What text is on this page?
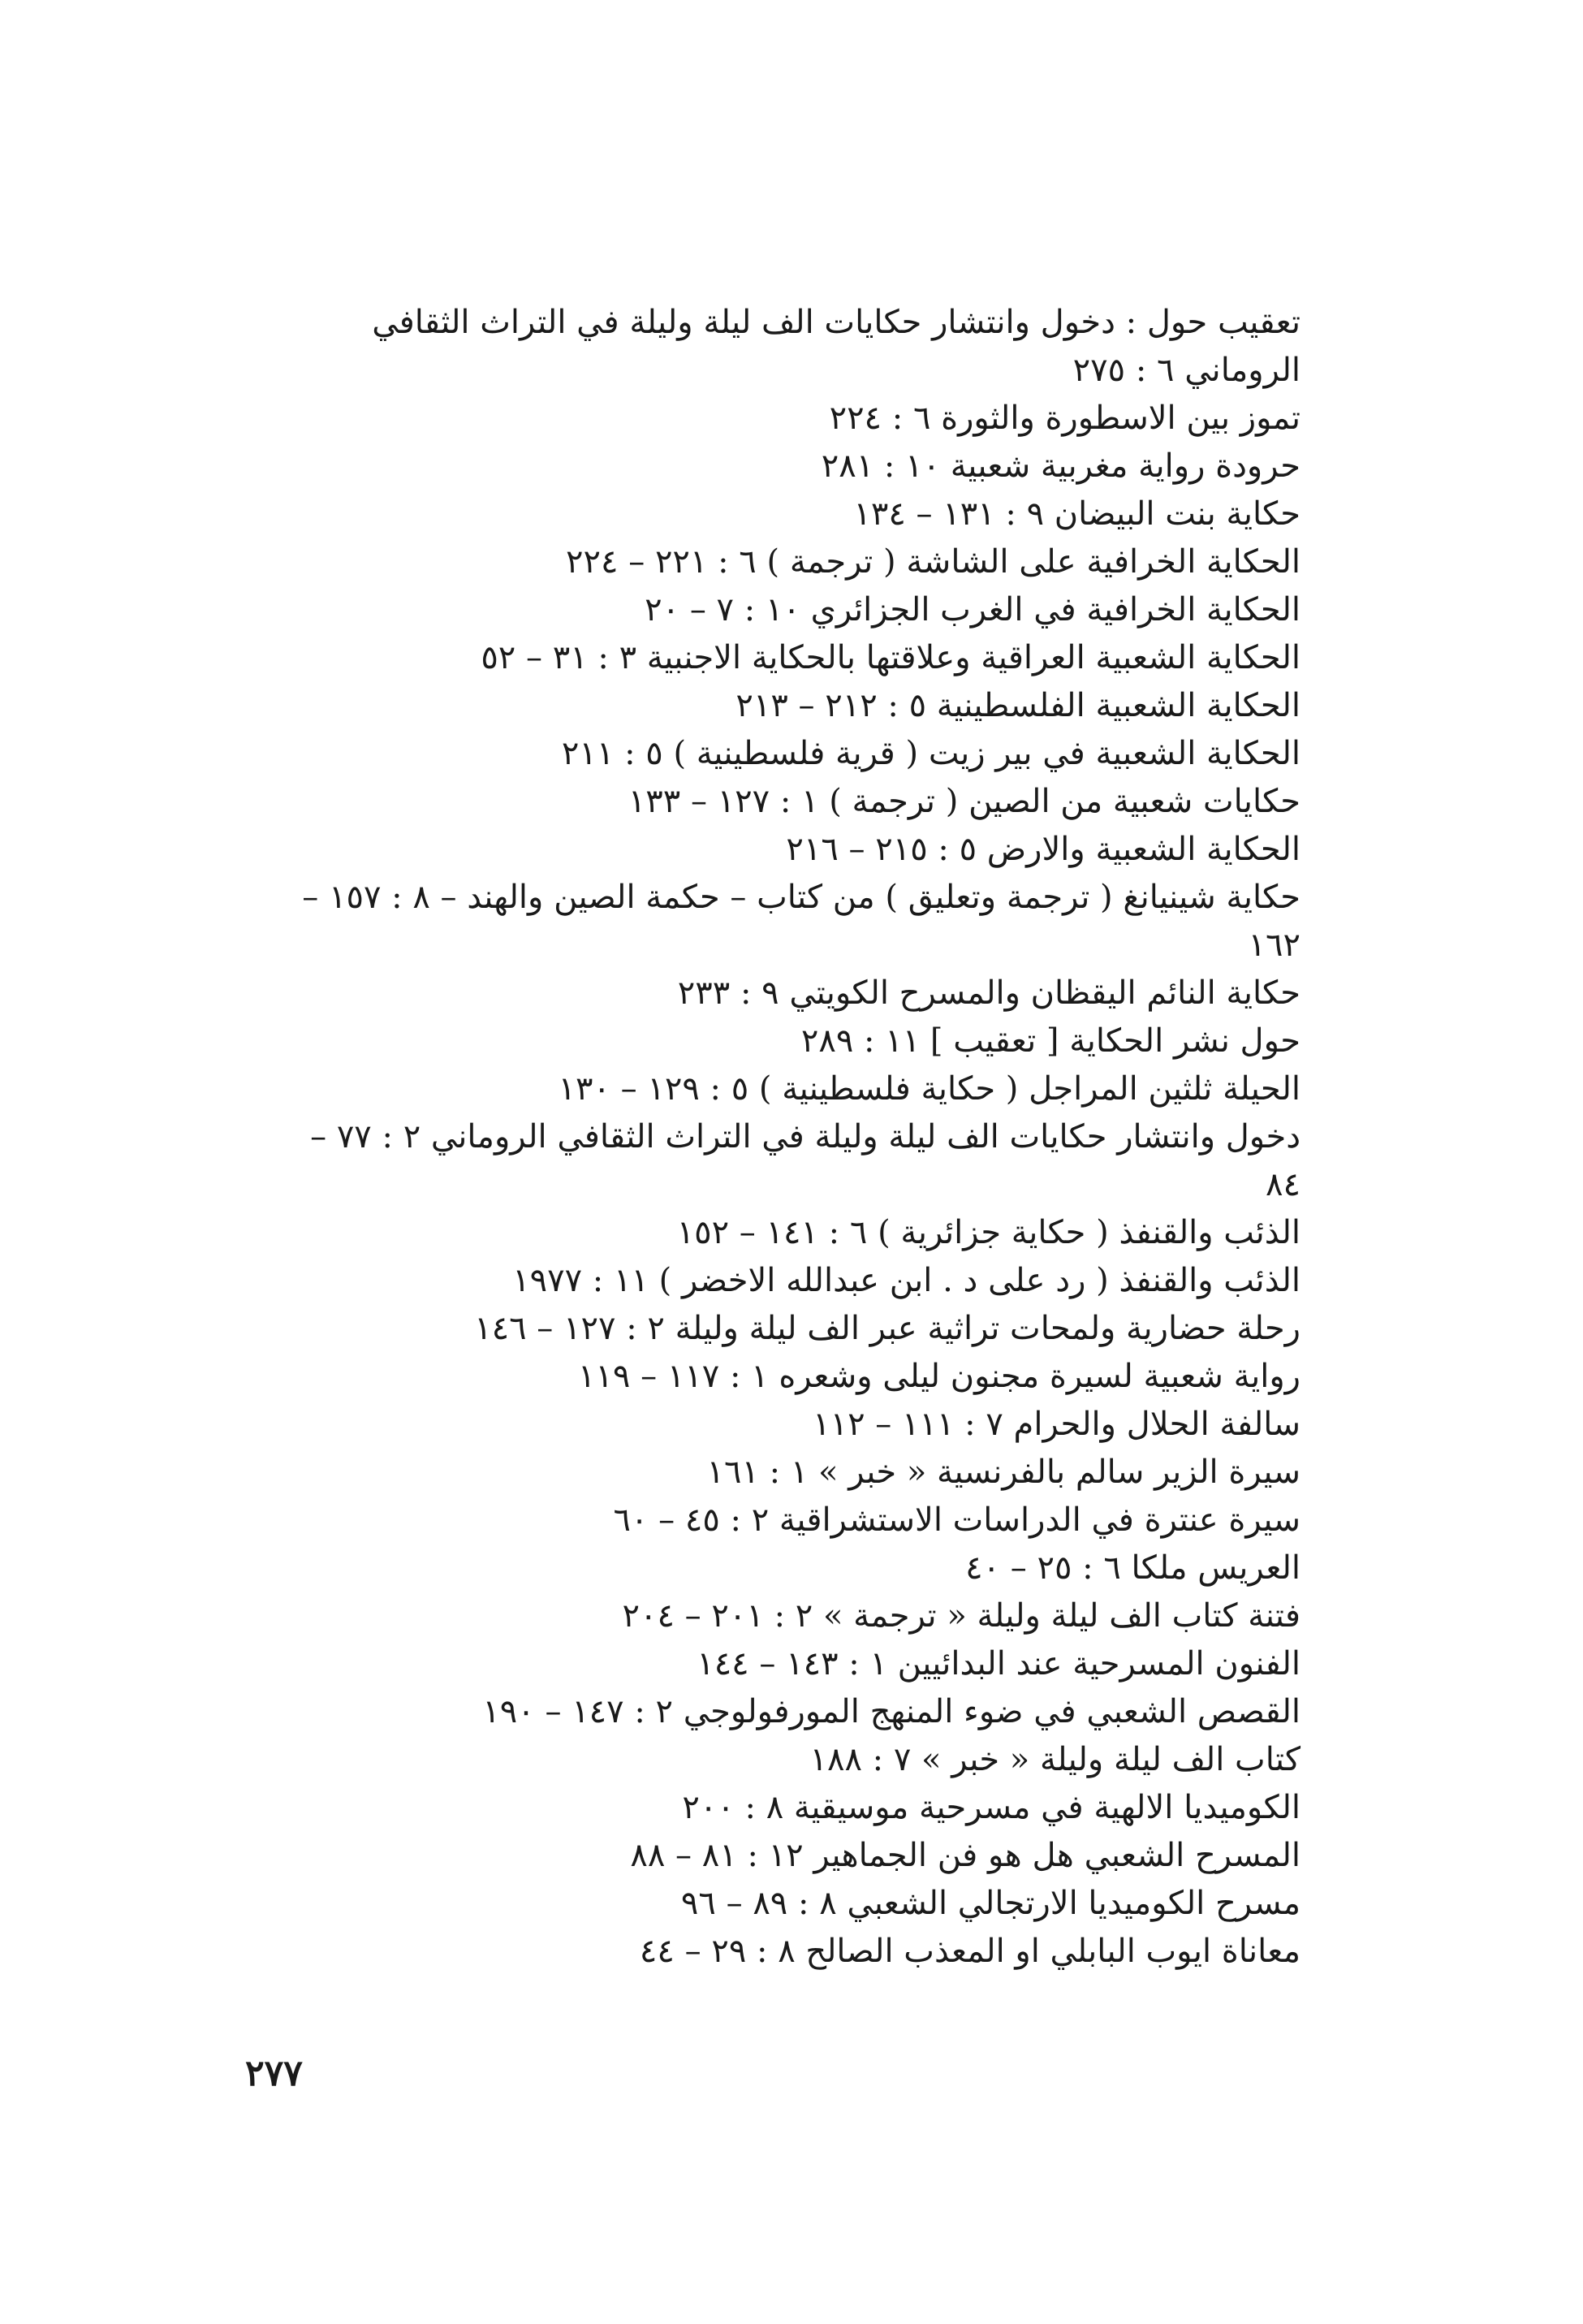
تعقيب حول : دخول وانتشار حكايات الف ليلة وليلة في التراث الثقافي الروماني ٦ : ٢٧٥
تموز بين الاسطورة والثورة ٦ : ٢٢٤
حرودة رواية مغربية شعبية ١٠ : ٢٨١
حكاية بنت البيضان ٩ : ١٣١ – ١٣٤
الحكاية الخرافية على الشاشة ( ترجمة ) ٦ : ٢٢١ – ٢٢٤
الحكاية الخرافية في الغرب الجزائري ١٠ : ٧ – ٢٠
الحكاية الشعبية العراقية وعلاقتها بالحكاية الاجنبية ٣ : ٣١ – ٥٢
الحكاية الشعبية الفلسطينية ٥ : ٢١٢ – ٢١٣
الحكاية الشعبية في بير زيت ( قرية فلسطينية ) ٥ : ٢١١
حكايات شعبية من الصين ( ترجمة ) ١ : ١٢٧ – ١٣٣
الحكاية الشعبية والارض ٥ : ٢١٥ – ٢١٦
حكاية شينيانغ ( ترجمة وتعليق ) من كتاب – حكمة الصين والهند – ٨ : ١٥٧ – ١٦٢
حكاية النائم اليقظان والمسرح الكويتي ٩ : ٢٣٣
حول نشر الحكاية [ تعقيب ] ١١ : ٢٨٩
الحيلة ثلثين المراجل ( حكاية فلسطينية ) ٥ : ١٢٩ – ١٣٠
دخول وانتشار حكايات الف ليلة وليلة في التراث الثقافي الروماني ٢ : ٧٧ – ٨٤
الذئب والقنفذ ( حكاية جزائرية ) ٦ : ١٤١ – ١٥٢
الذئب والقنفذ ( رد على د . ابن عبدالله الاخضر ) ١١ : ١٩٧٧
رحلة حضارية ولمحات تراثية عبر الف ليلة وليلة ٢ : ١٢٧ – ١٤٦
رواية شعبية لسيرة مجنون ليلى وشعره ١ : ١١٧ – ١١٩
سالفة الحلال والحرام ٧ : ١١١ – ١١٢
سيرة الزير سالم بالفرنسية « خبر » ١ : ١٦١
سيرة عنترة في الدراسات الاستشراقية ٢ : ٤٥ – ٦٠
العريس ملكا ٦ : ٢٥ – ٤٠
فتنة كتاب الف ليلة وليلة « ترجمة » ٢ : ٢٠١ – ٢٠٤
الفنون المسرحية عند البدائيين ١ : ١٤٣ – ١٤٤
القصص الشعبي في ضوء المنهج المورفولوجي ٢ : ١٤٧ – ١٩٠
كتاب الف ليلة وليلة « خبر » ٧ : ١٨٨
الكوميديا الالهية في مسرحية موسيقية ٨ : ٢٠٠
المسرح الشعبي هل هو فن الجماهير ١٢ : ٨١ – ٨٨
مسرح الكوميديا الارتجالي الشعبي ٨ : ٨٩ – ٩٦
معاناة ايوب البابلي او المعذب الصالح ٨ : ٢٩ – ٤٤
٢٧٧
